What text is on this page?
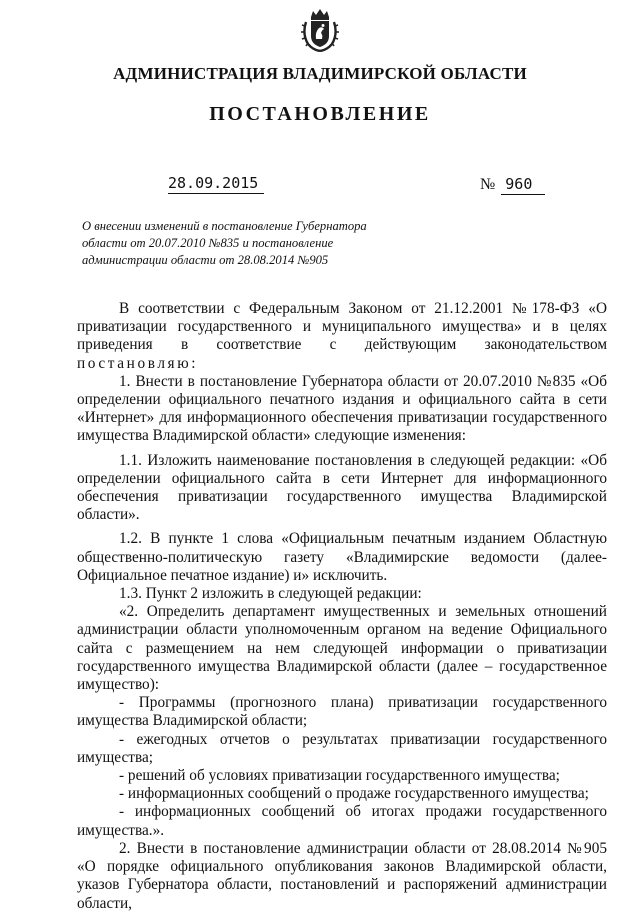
АДМИНИСТРАЦИЯ ВЛАДИМИРСКОЙ ОБЛАСТИ
ПОСТАНОВЛЕНИЕ
28.09.2015	№ 960
О внесении изменений в постановление Губернатора
области от 20.07.2010 №835 и постановление
администрации области от 28.08.2014 №905

В соответствии с Федеральным Законом от 21.12.2001 №178-ФЗ «О приватизации государственного и муниципального имущества» и в целях приведения в соответствие с действующим законодательством

постановляю:

1. Внести в постановление Губернатора области от 20.07.2010 №835 «Об определении официального печатного издания и официального сайта в сети «Интернет» для информационного обеспечения приватизации государственного имущества Владимирской области» следующие изменения:

1.1. Изложить наименование постановления в следующей редакции: «Об определении официального сайта в сети Интернет для информационного обеспечения приватизации государственного имущества Владимирской области».

1.2. В пункте 1 слова «Официальным печатным изданием Областную общественно-политическую газету «Владимирские ведомости (далее- Официальное печатное издание) и» исключить.

1.3. Пункт 2 изложить в следующей редакции:

«2. Определить департамент имущественных и земельных отношений администрации области уполномоченным органом на ведение Официального сайта с размещением на нем следующей информации о приватизации государственного имущества Владимирской области (далее – государственное имущество):

- Программы (прогнозного плана) приватизации государственного имущества Владимирской области;

- ежегодных отчетов о результатах приватизации государственного имущества;

- решений об условиях приватизации государственного имущества;

- информационных сообщений о продаже государственного имущества;

- информационных сообщений об итогах продажи государственного имущества.».

2. Внести в постановление администрации области от 28.08.2014 №905 «О порядке официального опубликования законов Владимирской области, указов Губернатора области, постановлений и распоряжений администрации области,
